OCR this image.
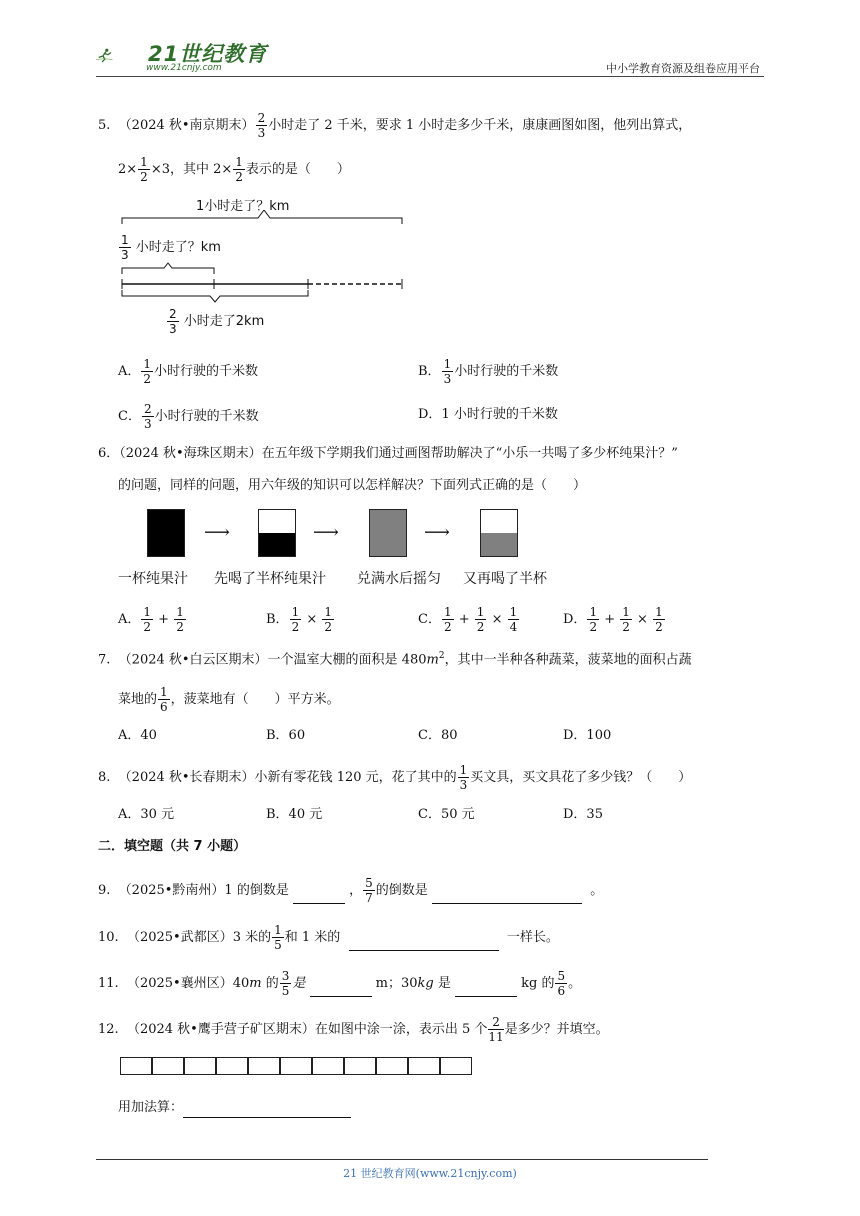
21世纪教育
www.21cnjy.com	中小学教育资源及组卷应用平台
5. （2024 秋•南京期末） $\frac{2}{3}$ 小时走了 2 千米，要求 1 小时走多少千米，康康画图如图，他列出算式，
$2\times \frac{1}{2} \times 3$，其中 $2\times \frac{1}{2}$ 表示的是（　　）
1小时走了？km
$\frac{1}{3}$ 小时走了？km
$\frac{2}{3}$ 小时走了2km
A． $\frac{1}{2}$ 小时行驶的千米数	B． $\frac{1}{3}$ 小时行驶的千米数
C． $\frac{2}{3}$ 小时行驶的千米数	D．1 小时行驶的千米数
6．（2024 秋•海珠区期末）在五年级下学期我们通过画图帮助解决了“小乐一共喝了多少杯纯果汁？”
的问题，同样的问题，用六年级的知识可以怎样解决？下面列式正确的是（　　）
⟶	⟶	⟶
一杯纯果汁 先喝了半杯纯果汁 兑满水后摇匀 又再喝了半杯
A． $\frac{1}{2} + \frac{1}{2}$	B． $\frac{1}{2} \times \frac{1}{2}$	C． $\frac{1}{2} + \frac{1}{2} \times \frac{1}{4}$	D． $\frac{1}{2} + \frac{1}{2} \times \frac{1}{2}$
7. （2024 秋•白云区期末）一个温室大棚的面积是 $480m^2$，其中一半种各种蔬菜，菠菜地的面积占蔬
菜地的 $\frac{1}{6}$ ，菠菜地有（　　）平方米。
A．40	B．60	C．80	D．100
8. （2024 秋•长春期末）小新有零花钱 120 元，花了其中的 $\frac{1}{3}$ 买文具，买文具花了多少钱？（　　）
A．30 元	B．40 元	C．50 元	D．35
二．填空题（共 7 小题）
9. （2025•黔南州）1 的倒数是	， $\frac{5}{7}$ 的倒数是	。
10. （2025•武都区）3 米的 $\frac{1}{5}$ 和 1 米的	一样长。
11. （2025•襄州区）40m 的 $\frac{3}{5}$ 是	m；30kg 是	kg 的 $\frac{5}{6}$ 。
12. （2024 秋•鹰手营子矿区期末）在如图中涂一涂，表示出 5 个 $\frac{2}{11}$ 是多少？并填空。
用加法算：
21 世纪教育网(www.21cnjy.com)
